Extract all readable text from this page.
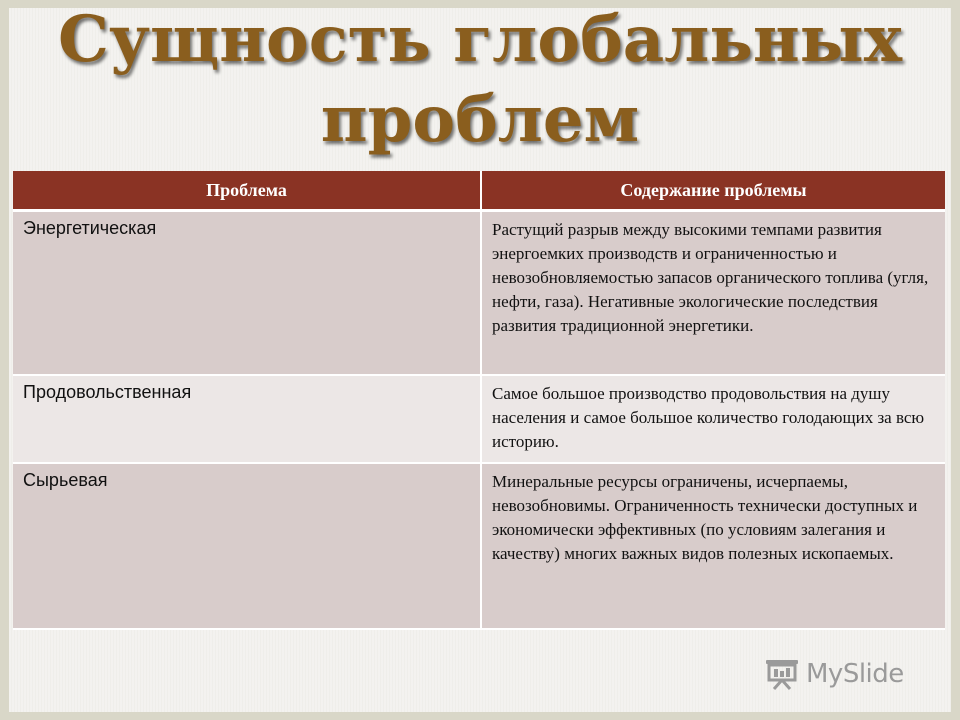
Сущность глобальных
проблем
Проблема	Содержание проблемы
Энергетическая	Растущий разрыв между высокими темпами развития энергоемких производств и ограниченностью и невозобновляемостью запасов органического топлива (угля, нефти, газа). Негативные экологические последствия развития традиционной энергетики.
Продовольственная	Самое большое производство продовольствия на душу населения и самое большое количество голодающих за всю историю.
Сырьевая	Минеральные ресурсы ограничены, исчерпаемы, невозобновимы. Ограниченность технически доступных и экономически эффективных (по условиям залегания и качеству) многих важных видов полезных ископаемых.
MySlide
